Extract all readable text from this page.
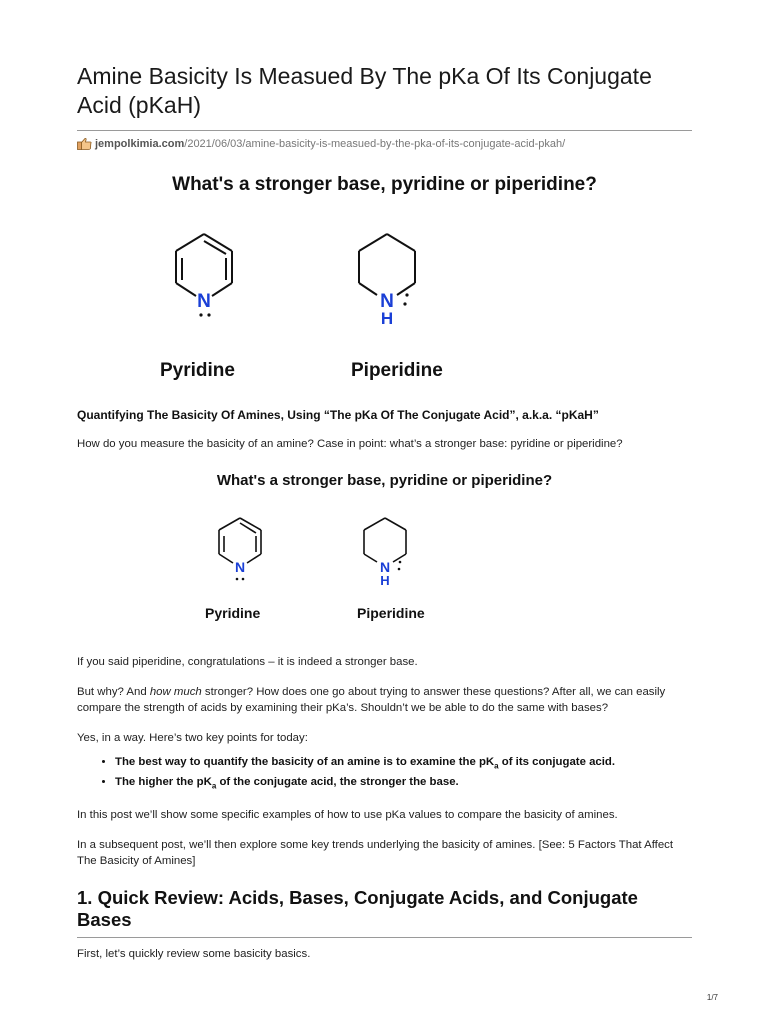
Amine Basicity Is Measued By The pKa Of Its Conjugate Acid (pKaH)
jempolkimia.com /2021/06/03/amine-basicity-is-measued-by-the-pka-of-its-conjugate-acid-pkah/
What's a stronger base, pyridine or piperidine?
N	N
H
Pyridine	Piperidine
Quantifying The Basicity Of Amines, Using “The pKa Of The Conjugate Acid”, a.k.a. “pKaH”

How do you measure the basicity of an amine? Case in point: what’s a stronger base: pyridine or piperidine?

What's a stronger base, pyridine or piperidine?
N	N
H
Pyridine	Piperidine

If you said piperidine, congratulations – it is indeed a stronger base.

But why? And how much stronger? How does one go about trying to answer these questions? After all, we can easily compare the strength of acids by examining their pKa’s. Shouldn’t we be able to do the same with bases?

Yes, in a way. Here’s two key points for today:

• The best way to quantify the basicity of an amine is to examine the $pK_a$ of its conjugate acid.
• The higher the $pK_a$ of the conjugate acid, the stronger the base.

In this post we’ll show some specific examples of how to use pKa values to compare the basicity of amines.

In a subsequent post, we’ll then explore some key trends underlying the basicity of amines. [See: 5 Factors That Affect The Basicity of Amines]

1. Quick Review: Acids, Bases, Conjugate Acids, and Conjugate Bases

First, let’s quickly review some basicity basics.

1/7
